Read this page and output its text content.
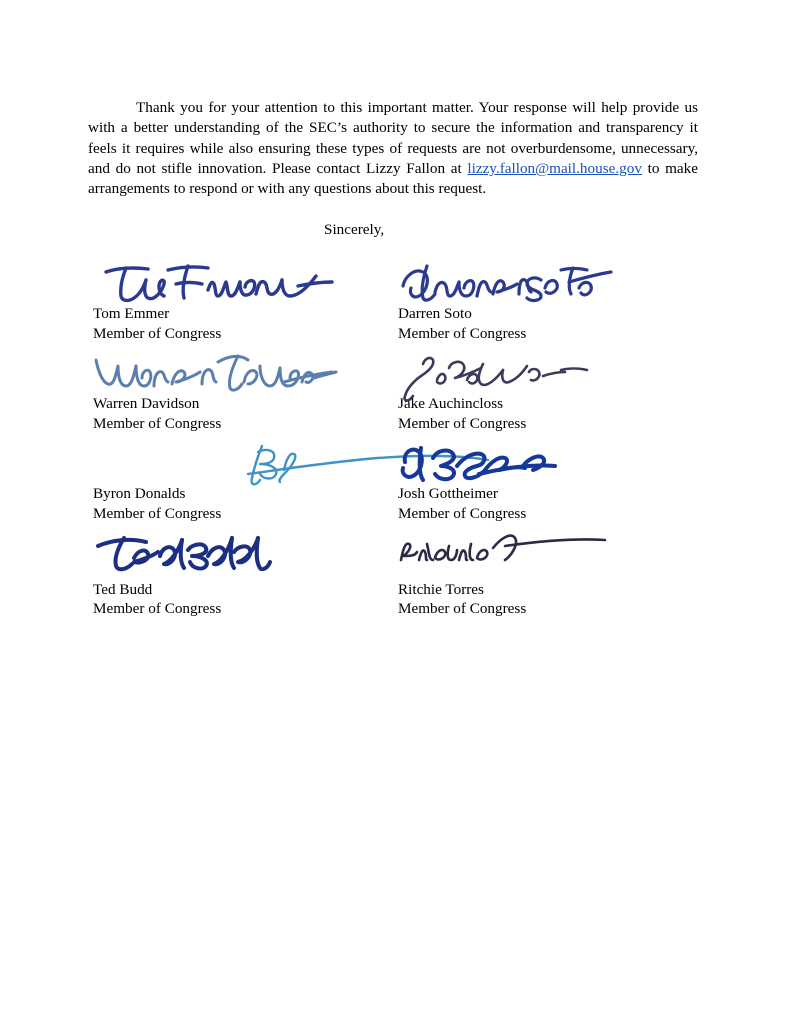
Thank you for your attention to this important matter. Your response will help provide us with a better understanding of the SEC’s authority to secure the information and transparency it feels it requires while also ensuring these types of requests are not overburdensome, unnecessary, and do not stifle innovation. Please contact Lizzy Fallon at lizzy.fallon@mail.house.gov to make arrangements to respond or with any questions about this request.

Sincerely,

Tom Emmer
Member of Congress
Darren Soto
Member of Congress
Warren Davidson
Member of Congress
Jake Auchincloss
Member of Congress
Byron Donalds
Member of Congress
Josh Gottheimer
Member of Congress
Ted Budd
Member of Congress
Ritchie Torres
Member of Congress
